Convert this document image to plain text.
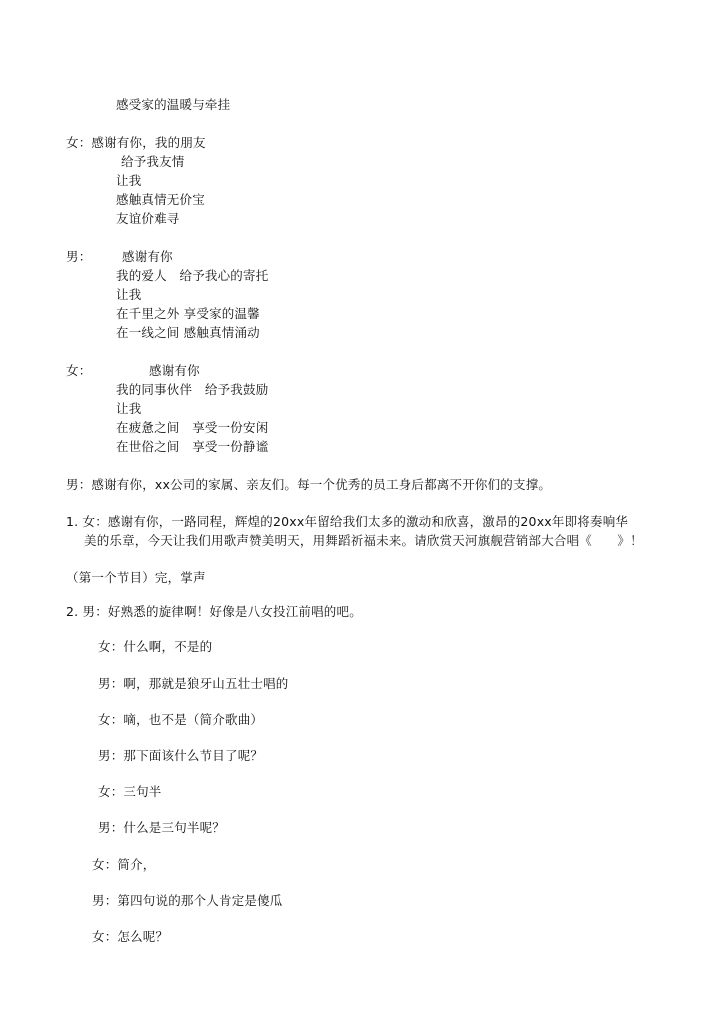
感受家的温暖与牵挂
女：感谢有你，我的朋友
给予我友情
让我
感触真情无价宝
友谊价难寻
男： 感谢有你
我的爱人　给予我心的寄托
让我
在千里之外 享受家的温馨
在一线之间 感触真情涌动
女：	感谢有你
我的同事伙伴　给予我鼓励
让我
在疲惫之间　享受一份安闲
在世俗之间　享受一份静谧
男：感谢有你，xx公司的家属、亲友们。每一个优秀的员工身后都离不开你们的支撑。
1. 女：感谢有你，一路同程，辉煌的20xx年留给我们太多的激动和欣喜，激昂的20xx年即将奏响华
美的乐章，今天让我们用歌声赞美明天，用舞蹈祈福未来。请欣赏天河旗舰营销部大合唱《　　》！
（第一个节目）完，掌声
2. 男：好熟悉的旋律啊！好像是八女投江前唱的吧。
女：什么啊，不是的
男：啊，那就是狼牙山五壮士唱的
女：嘀，也不是（简介歌曲）
男：那下面该什么节目了呢？
女：三句半
男：什么是三句半呢？
女：简介，
男：第四句说的那个人肯定是傻瓜
女：怎么呢？
